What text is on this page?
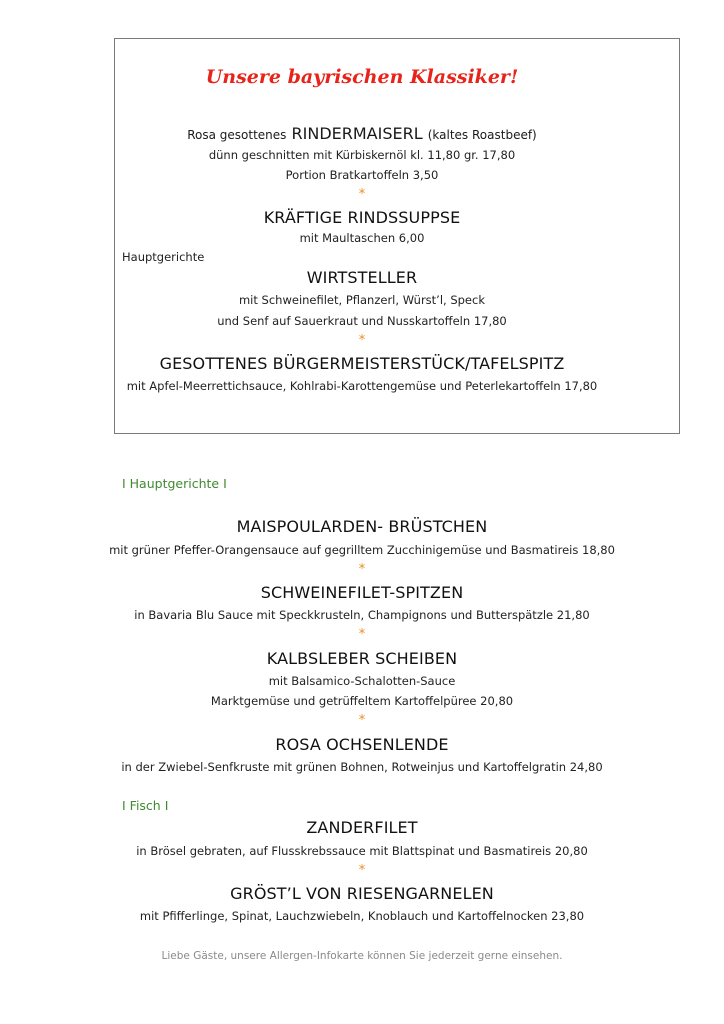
Unsere bayrischen Klassiker!
Rosa gesottenes RINDERMAISERL (kaltes Roastbeef)
dünn geschnitten mit Kürbiskernöl kl. 11,80 gr. 17,80
Portion Bratkartoffeln 3,50
*
KRÄFTIGE RINDSSUPPSE
mit Maultaschen 6,00
Hauptgerichte
WIRTSTELLER
mit Schweinefilet, Pflanzerl, Würst’l, Speck
und Senf auf Sauerkraut und Nusskartoffeln 17,80
*
GESOTTENES BÜRGERMEISTERSTÜCK/TAFELSPITZ
mit Apfel-Meerrettichsauce, Kohlrabi-Karottengemüse und Peterlekartoffeln 17,80
I Hauptgerichte I
MAISPOULARDEN- BRÜSTCHEN
mit grüner Pfeffer-Orangensauce auf gegrilltem Zucchinigemüse und Basmatireis 18,80
*
SCHWEINEFILET-SPITZEN
in Bavaria Blu Sauce mit Speckkrusteln, Champignons und Butterspätzle 21,80
*
KALBSLEBER SCHEIBEN
mit Balsamico-Schalotten-Sauce
Marktgemüse und getrüffeltem Kartoffelpüree 20,80
*
ROSA OCHSENLENDE
in der Zwiebel-Senfkruste mit grünen Bohnen, Rotweinjus und Kartoffelgratin 24,80
I Fisch I
ZANDERFILET
in Brösel gebraten, auf Flusskrebssauce mit Blattspinat und Basmatireis 20,80
*
GRÖST’L VON RIESENGARNELEN
mit Pfifferlinge, Spinat, Lauchzwiebeln, Knoblauch und Kartoffelnocken 23,80
Liebe Gäste, unsere Allergen-Infokarte können Sie jederzeit gerne einsehen.
